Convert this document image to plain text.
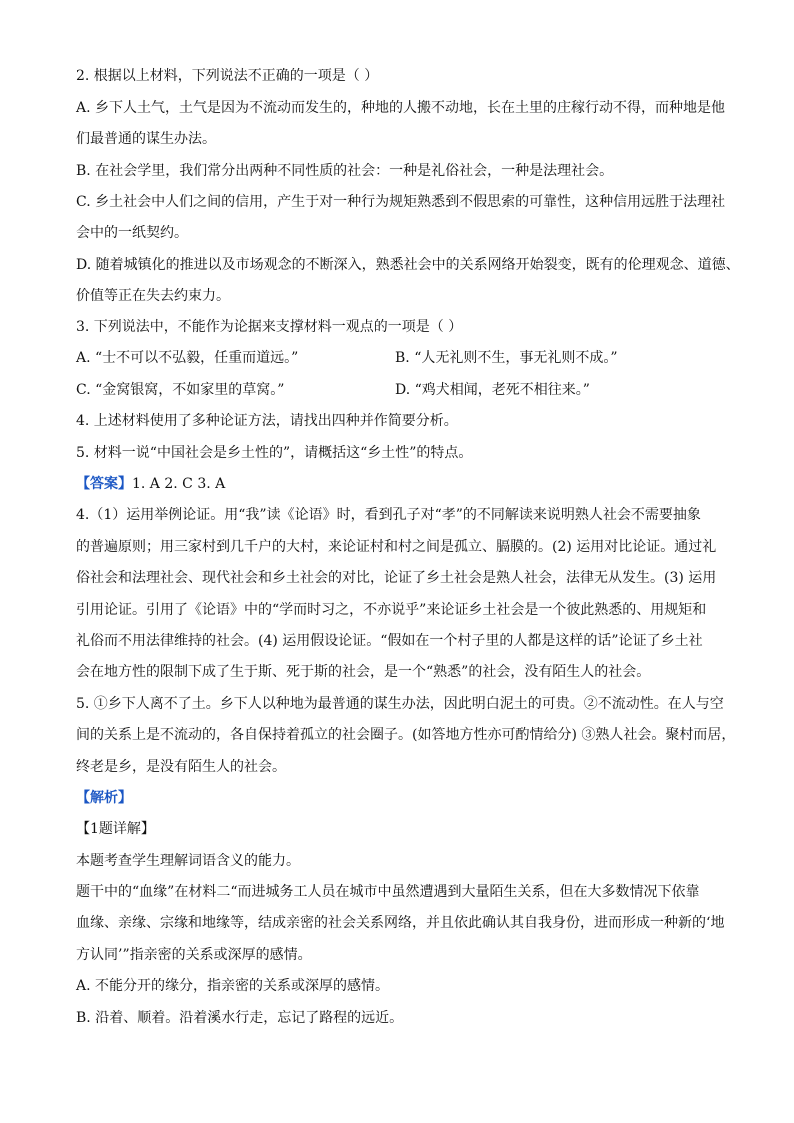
2. 根据以上材料，下列说法不正确的一项是（ ）
A. 乡下人土气，土气是因为不流动而发生的，种地的人搬不动地，长在土里的庄稼行动不得，而种地是他
们最普通的谋生办法。
B. 在社会学里，我们常分出两种不同性质的社会：一种是礼俗社会，一种是法理社会。
C. 乡土社会中人们之间的信用，产生于对一种行为规矩熟悉到不假思索的可靠性，这种信用远胜于法理社
会中的一纸契约。
D. 随着城镇化的推进以及市场观念的不断深入，熟悉社会中的关系网络开始裂变，既有的伦理观念、道德、
价值等正在失去约束力。
3. 下列说法中，不能作为论据来支撑材料一观点的一项是（ ）
A. “士不可以不弘毅，任重而道远。”	B. “人无礼则不生，事无礼则不成。”
C. “金窝银窝，不如家里的草窝。”	D. “鸡犬相闻，老死不相往来。”
4. 上述材料使用了多种论证方法，请找出四种并作简要分析。
5. 材料一说“中国社会是乡土性的”，请概括这“乡土性”的特点。
【答案】1. A 2. C 3. A
4.（1）运用举例论证。用“我”读《论语》时，看到孔子对“孝”的不同解读来说明熟人社会不需要抽象
的普遍原则；用三家村到几千户的大村，来论证村和村之间是孤立、膈膜的。(2) 运用对比论证。通过礼
俗社会和法理社会、现代社会和乡土社会的对比，论证了乡土社会是熟人社会，法律无从发生。(3) 运用
引用论证。引用了《论语》中的“学而时习之，不亦说乎”来论证乡土社会是一个彼此熟悉的、用规矩和
礼俗而不用法律维持的社会。(4) 运用假设论证。“假如在一个村子里的人都是这样的话”论证了乡土社
会在地方性的限制下成了生于斯、死于斯的社会，是一个“熟悉”的社会，没有陌生人的社会。
5. ①乡下人离不了土。乡下人以种地为最普通的谋生办法，因此明白泥土的可贵。②不流动性。在人与空
间的关系上是不流动的，各自保持着孤立的社会圈子。(如答地方性亦可酌情给分) ③熟人社会。聚村而居，
终老是乡，是没有陌生人的社会。
【解析】
【1题详解】
本题考查学生理解词语含义的能力。
题干中的“血缘”在材料二“而进城务工人员在城市中虽然遭遇到大量陌生关系，但在大多数情况下依靠
血缘、亲缘、宗缘和地缘等，结成亲密的社会关系网络，并且依此确认其自我身份，进而形成一种新的‘地
方认同’”指亲密的关系或深厚的感情。
A. 不能分开的缘分，指亲密的关系或深厚的感情。
B. 沿着、顺着。沿着溪水行走，忘记了路程的远近。
